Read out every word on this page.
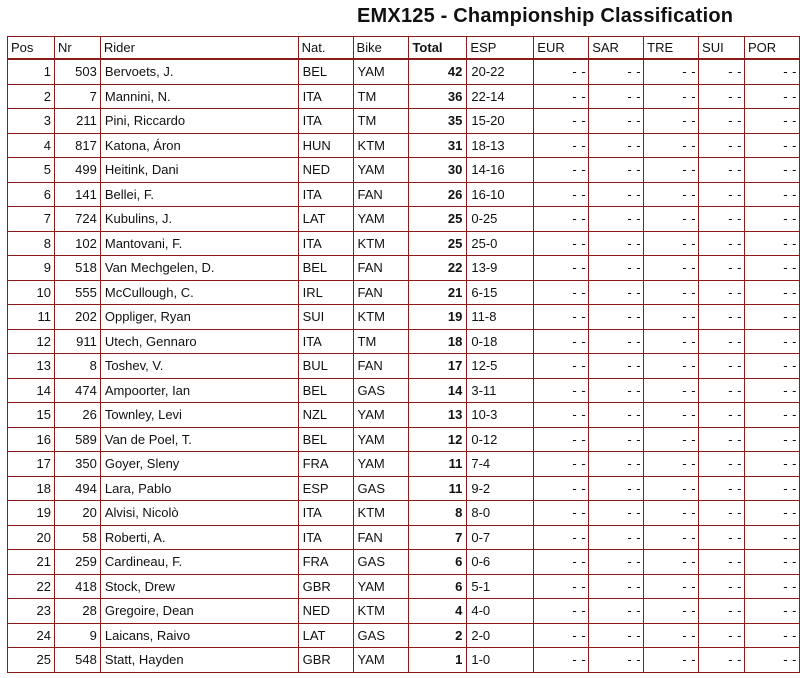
EMX125 - Championship Classification
Pos	Nr	Rider	Nat.	Bike	Total	ESP	EUR	SAR	TRE	SUI	POR
1	503	Bervoets, J.	BEL	YAM	42	20-22	- -	- -	- -	- -	- -
2	7	Mannini, N.	ITA	TM	36	22-14	- -	- -	- -	- -	- -
3	211	Pini, Riccardo	ITA	TM	35	15-20	- -	- -	- -	- -	- -
4	817	Katona, Áron	HUN	KTM	31	18-13	- -	- -	- -	- -	- -
5	499	Heitink, Dani	NED	YAM	30	14-16	- -	- -	- -	- -	- -
6	141	Bellei, F.	ITA	FAN	26	16-10	- -	- -	- -	- -	- -
7	724	Kubulins, J.	LAT	YAM	25	0-25	- -	- -	- -	- -	- -
8	102	Mantovani, F.	ITA	KTM	25	25-0	- -	- -	- -	- -	- -
9	518	Van Mechgelen, D.	BEL	FAN	22	13-9	- -	- -	- -	- -	- -
10	555	McCullough, C.	IRL	FAN	21	6-15	- -	- -	- -	- -	- -
11	202	Oppliger, Ryan	SUI	KTM	19	11-8	- -	- -	- -	- -	- -
12	911	Utech, Gennaro	ITA	TM	18	0-18	- -	- -	- -	- -	- -
13	8	Toshev, V.	BUL	FAN	17	12-5	- -	- -	- -	- -	- -
14	474	Ampoorter, Ian	BEL	GAS	14	3-11	- -	- -	- -	- -	- -
15	26	Townley, Levi	NZL	YAM	13	10-3	- -	- -	- -	- -	- -
16	589	Van de Poel, T.	BEL	YAM	12	0-12	- -	- -	- -	- -	- -
17	350	Goyer, Sleny	FRA	YAM	11	7-4	- -	- -	- -	- -	- -
18	494	Lara, Pablo	ESP	GAS	11	9-2	- -	- -	- -	- -	- -
19	20	Alvisi, Nicolò	ITA	KTM	8	8-0	- -	- -	- -	- -	- -
20	58	Roberti, A.	ITA	FAN	7	0-7	- -	- -	- -	- -	- -
21	259	Cardineau, F.	FRA	GAS	6	0-6	- -	- -	- -	- -	- -
22	418	Stock, Drew	GBR	YAM	6	5-1	- -	- -	- -	- -	- -
23	28	Gregoire, Dean	NED	KTM	4	4-0	- -	- -	- -	- -	- -
24	9	Laicans, Raivo	LAT	GAS	2	2-0	- -	- -	- -	- -	- -
25	548	Statt, Hayden	GBR	YAM	1	1-0	- -	- -	- -	- -	- -
